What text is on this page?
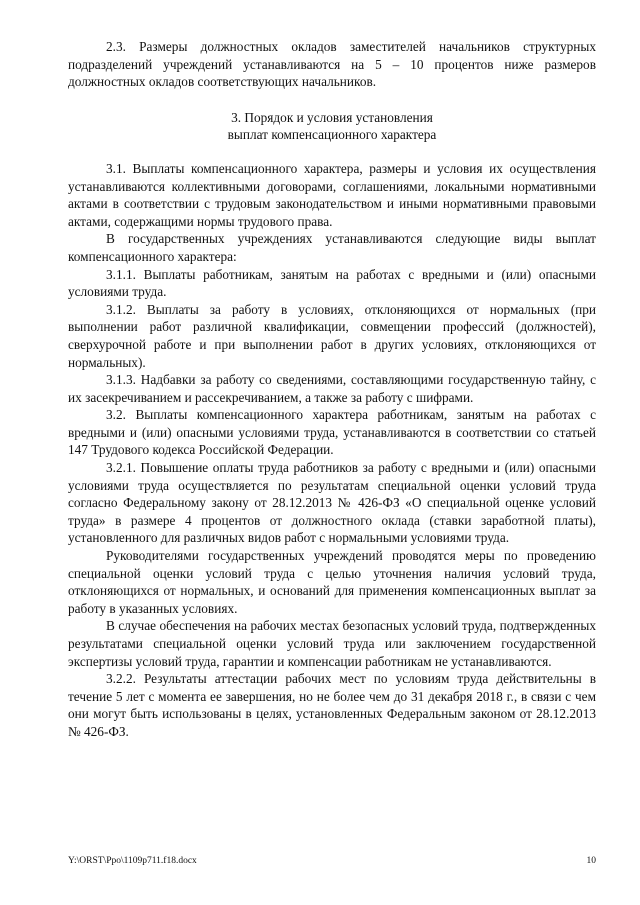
2.3. Размеры должностных окладов заместителей начальников структурных подразделений учреждений устанавливаются на 5 – 10 процентов ниже размеров должностных окладов соответствующих начальников.

3. Порядок и условия установления
выплат компенсационного характера

3.1. Выплаты компенсационного характера, размеры и условия их осуществления устанавливаются коллективными договорами, соглашениями, локальными нормативными актами в соответствии с трудовым законодательством и иными нормативными правовыми актами, содержащими нормы трудового права.

В государственных учреждениях устанавливаются следующие виды выплат компенсационного характера:

3.1.1. Выплаты работникам, занятым на работах с вредными и (или) опасными условиями труда.

3.1.2. Выплаты за работу в условиях, отклоняющихся от нормальных (при выполнении работ различной квалификации, совмещении профессий (должностей), сверхурочной работе и при выполнении работ в других условиях, отклоняющихся от нормальных).

3.1.3. Надбавки за работу со сведениями, составляющими государственную тайну, с их засекречиванием и рассекречиванием, а также за работу с шифрами.

3.2. Выплаты компенсационного характера работникам, занятым на работах с вредными и (или) опасными условиями труда, устанавливаются в соответствии со статьей 147 Трудового кодекса Российской Федерации.

3.2.1. Повышение оплаты труда работников за работу с вредными и (или) опасными условиями труда осуществляется по результатам специальной оценки условий труда согласно Федеральному закону от 28.12.2013 № 426-ФЗ «О специальной оценке условий труда» в размере 4 процентов от должностного оклада (ставки заработной платы), установленного для различных видов работ с нормальными условиями труда.

Руководителями государственных учреждений проводятся меры по проведению специальной оценки условий труда с целью уточнения наличия условий труда, отклоняющихся от нормальных, и оснований для применения компенсационных выплат за работу в указанных условиях.

В случае обеспечения на рабочих местах безопасных условий труда, подтвержденных результатами специальной оценки условий труда или заключением государственной экспертизы условий труда, гарантии и компенсации работникам не устанавливаются.

3.2.2. Результаты аттестации рабочих мест по условиям труда действительны в течение 5 лет с момента ее завершения, но не более чем до 31 декабря 2018 г., в связи с чем они могут быть использованы в целях, установленных Федеральным законом от 28.12.2013 № 426-ФЗ.

Y:\ORST\Ppo\1109p711.f18.docx	10
